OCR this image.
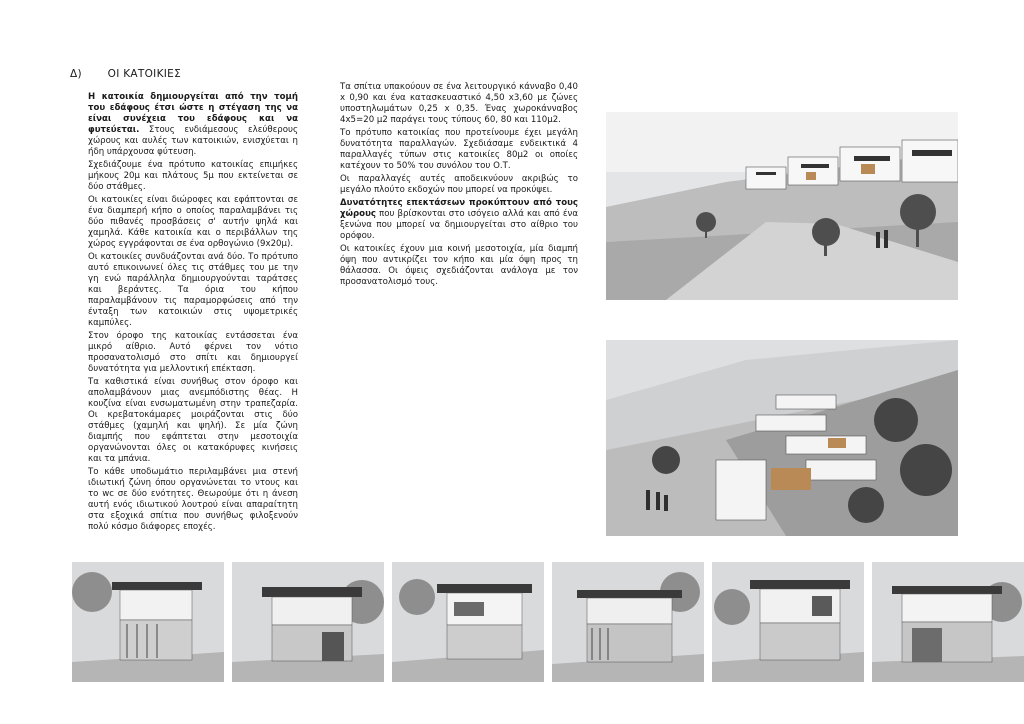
Δ) ΟΙ ΚΑΤΟΙΚΙΕΣ

Η κατοικία δημιουργείται από την τομή του εδάφους έτσι ώστε η στέγαση της να είναι συνέχεια του εδάφους και να φυτεύεται. Στους ενδιάμεσους ελεύθερους χώρους και αυλές των κατοικιών, ενισχύεται η ήδη υπάρχουσα φύτευση.

Σχεδιάζουμε ένα πρότυπο κατοικίας επιμήκες μήκους 20μ και πλάτους 5μ που εκτείνεται σε δύο στάθμες.

Οι κατοικίες είναι διώροφες και εφάπτονται σε ένα διαμπερή κήπο ο οποίος παραλαμβάνει τις δύο πιθανές προσβάσεις σ' αυτήν ψηλά και χαμηλά. Κάθε κατοικία και ο περιβάλλων της χώρος εγγράφονται σε ένα ορθογώνιο (9x20μ).

Οι κατοικίες συνδυάζονται ανά δύο. Το πρότυπο αυτό επικοινωνεί όλες τις στάθμες του με την γη ενώ παράλληλα δημιουργούνται ταράτσες και βεράντες. Τα όρια του κήπου παραλαμβάνουν τις παραμορφώσεις από την ένταξη των κατοικιών στις υψομετρικές καμπύλες.

Στον όροφο της κατοικίας εντάσσεται ένα μικρό αίθριο. Αυτό φέρνει τον νότιο προσανατολισμό στο σπίτι και δημιουργεί δυνατότητα για μελλοντική επέκταση.

Τα καθιστικά είναι συνήθως στον όροφο και απολαμβάνουν μιας ανεμπόδιστης θέας. Η κουζίνα είναι ενσωματωμένη στην τραπεζαρία. Οι κρεβατοκάμαρες μοιράζονται στις δύο στάθμες (χαμηλή και ψηλή). Σε μία ζώνη διαμπής που εφάπτεται στην μεσοτοιχία οργανώνονται όλες οι κατακόρυφες κινήσεις και τα μπάνια.

Το κάθε υποδωμάτιο περιλαμβάνει μια στενή ιδιωτική ζώνη όπου οργανώνεται το ντους και το wc σε δύο ενότητες. Θεωρούμε ότι η άνεση αυτή ενός ιδιωτικού λουτρού είναι απαραίτητη στα εξοχικά σπίτια που συνήθως φιλοξενούν πολύ κόσμο διάφορες εποχές.

Τα σπίτια υπακούουν σε ένα λειτουργικό κάνναβο 0,40 x 0,90 και ένα κατασκευαστικό 4,50 x3,60 με ζώνες υποστηλωμάτων 0,25 x 0,35. Ένας χωροκάνναβος 4x5=20 μ2 παράγει τους τύπους 60, 80 και 110μ2.

Το πρότυπο κατοικίας που προτείνουμε έχει μεγάλη δυνατότητα παραλλαγών. Σχεδιάσαμε ενδεικτικά 4 παραλλαγές τύπων στις κατοικίες 80μ2 οι οποίες κατέχουν το 50% του συνόλου του Ο.Τ.

Οι παραλλαγές αυτές αποδεικνύουν ακριβώς το μεγάλο πλούτο εκδοχών που μπορεί να προκύψει.

Δυνατότητες επεκτάσεων προκύπτουν από τους χώρους που βρίσκονται στο ισόγειο αλλά και από ένα ξενώνα που μπορεί να δημιουργείται στο αίθριο του ορόφου.

Οι κατοικίες έχουν μια κοινή μεσοτοιχία, μία διαμπή όψη που αντικρίζει τον κήπο και μία όψη προς τη θάλασσα. Οι όψεις σχεδιάζονται ανάλογα με τον προσανατολισμό τους.
